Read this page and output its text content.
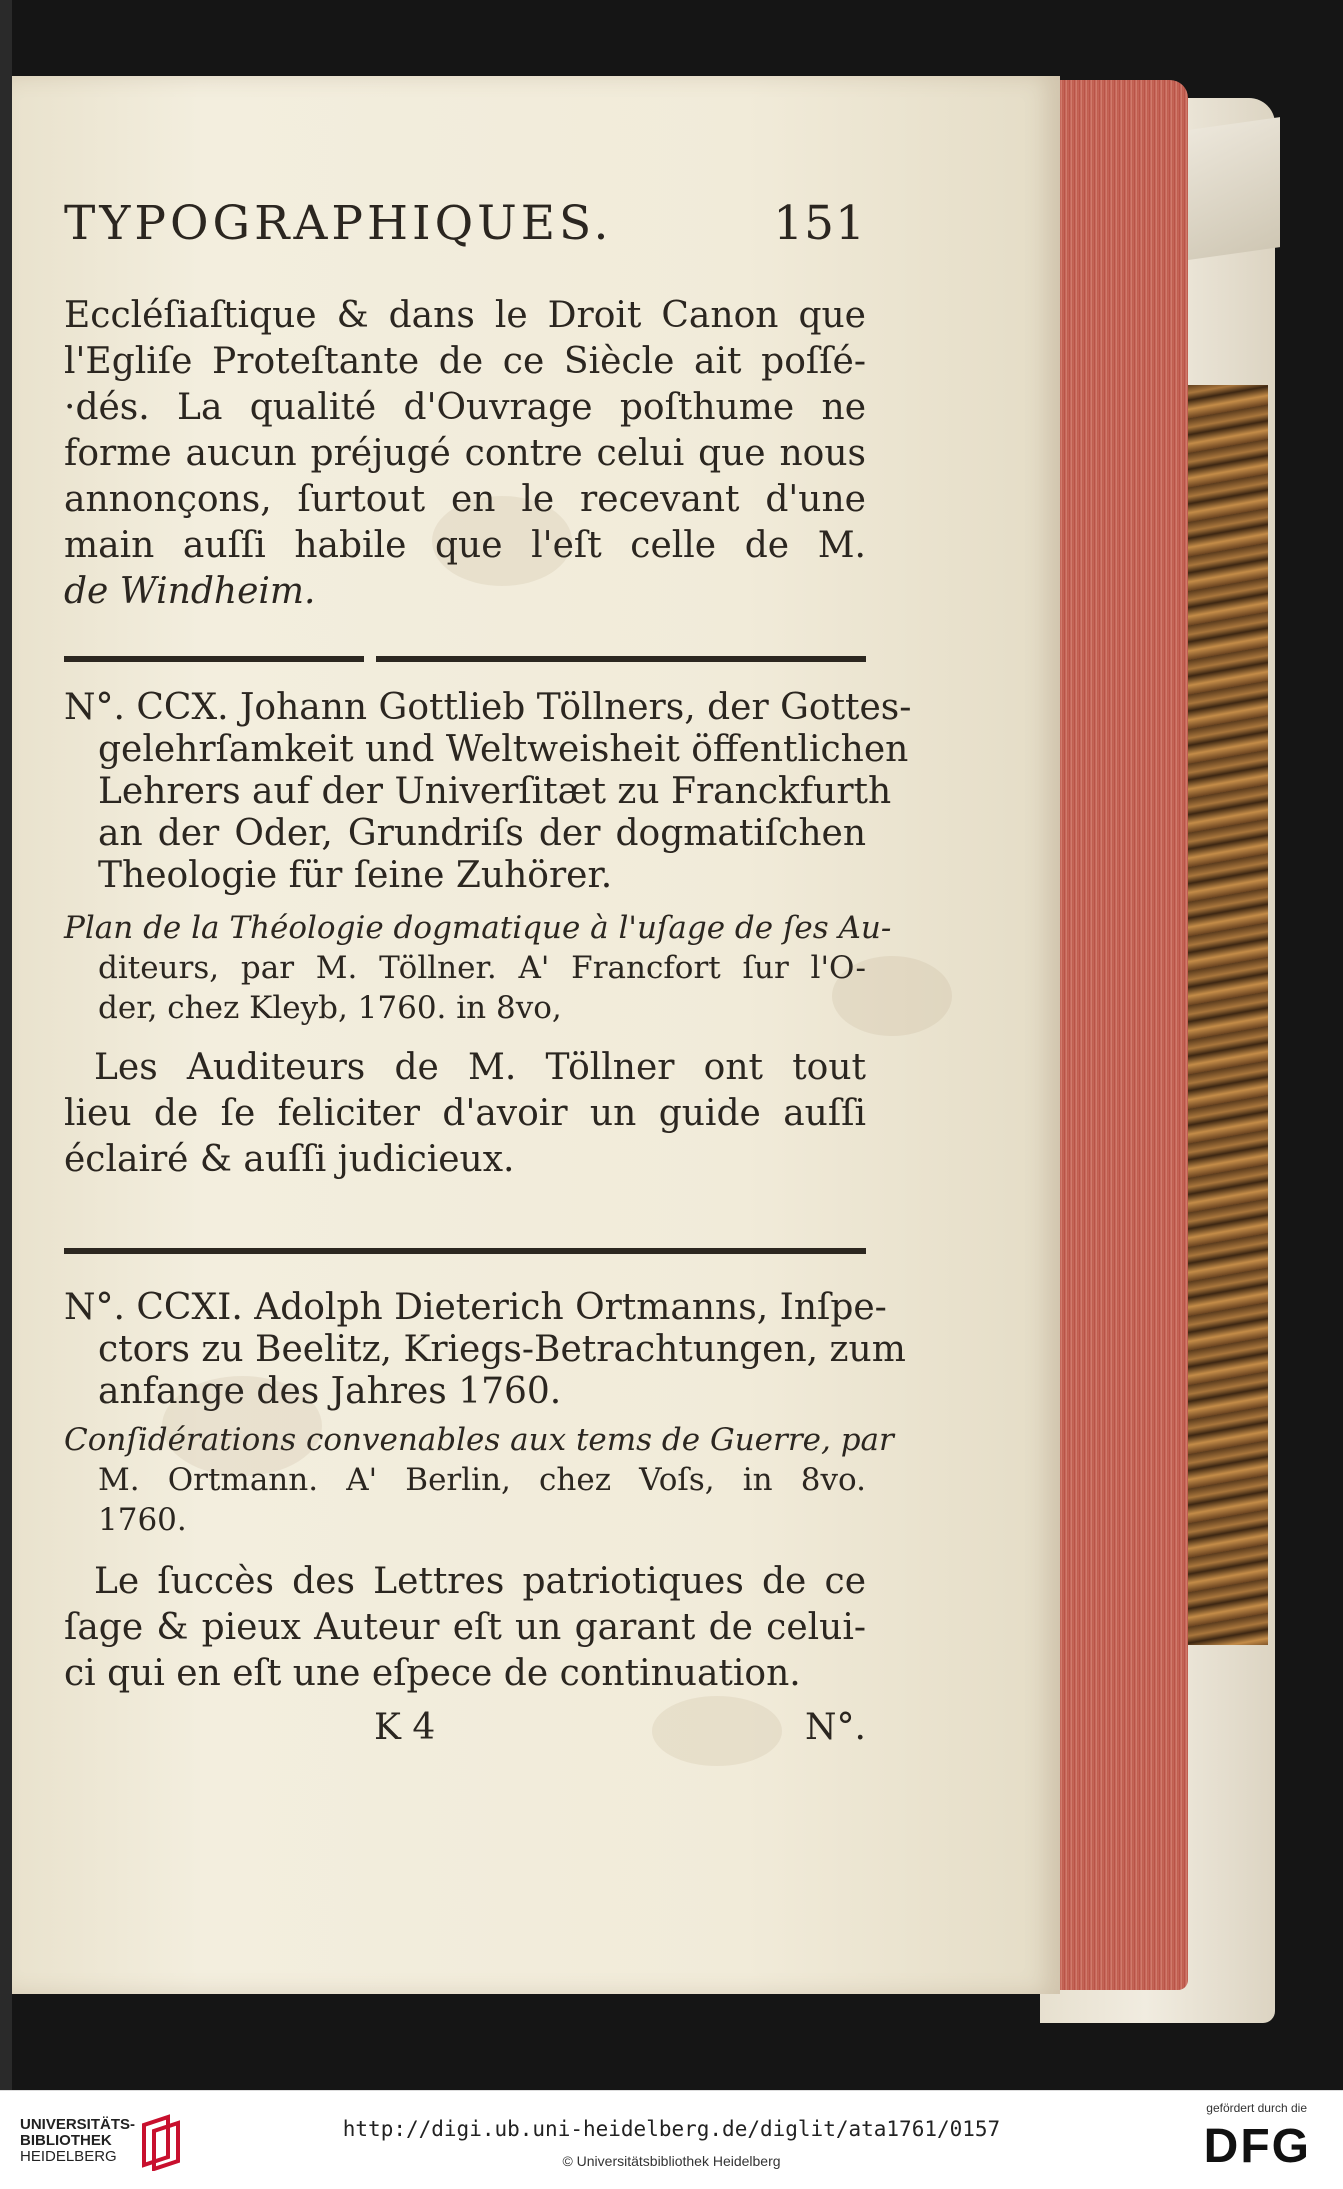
TYPOGRAPHIQUES.	151
Eccléſiaſtique & dans le Droit Canon que
l'Egliſe Proteſtante de ce Siècle ait poſſé-
·dés. La qualité d'Ouvrage poſthume ne
forme aucun préjugé contre celui que nous
annonçons, ſurtout en le recevant d'une
main auſſi habile que l'eſt celle de M.
de Windheim.
N°. CCX. Johann Gottlieb Töllners, der Gottes-
gelehrſamkeit und Weltweisheit öffentlichen
Lehrers auf der Univerſitæt zu Franckfurth
an der Oder, Grundriſs der dogmatiſchen
Theologie für ſeine Zuhörer.
Plan de la Théologie dogmatique à l'uſage de ſes Au-
diteurs, par M. Töllner. A' Francfort ſur l'O-
der, chez Kleyb, 1760. in 8vo,
Les Auditeurs de M. Töllner ont tout
lieu de ſe feliciter d'avoir un guide auſſi
éclairé & auſſi judicieux.
N°. CCXI. Adolph Dieterich Ortmanns, Inſpe-
ctors zu Beelitz, Kriegs-Betrachtungen, zum
anfange des Jahres 1760.
Conſidérations convenables aux tems de Guerre, par
M. Ortmann. A' Berlin, chez Voſs, in 8vo.
1760.
Le ſuccès des Lettres patriotiques de ce
ſage & pieux Auteur eſt un garant de celui-
ci qui en eſt une eſpece de continuation.
K 4	N°.
UNIVERSITÄTS-
BIBLIOTHEK
HEIDELBERG
http://digi.ub.uni-heidelberg.de/diglit/ata1761/0157
© Universitätsbibliothek Heidelberg
gefördert durch die
DFG
